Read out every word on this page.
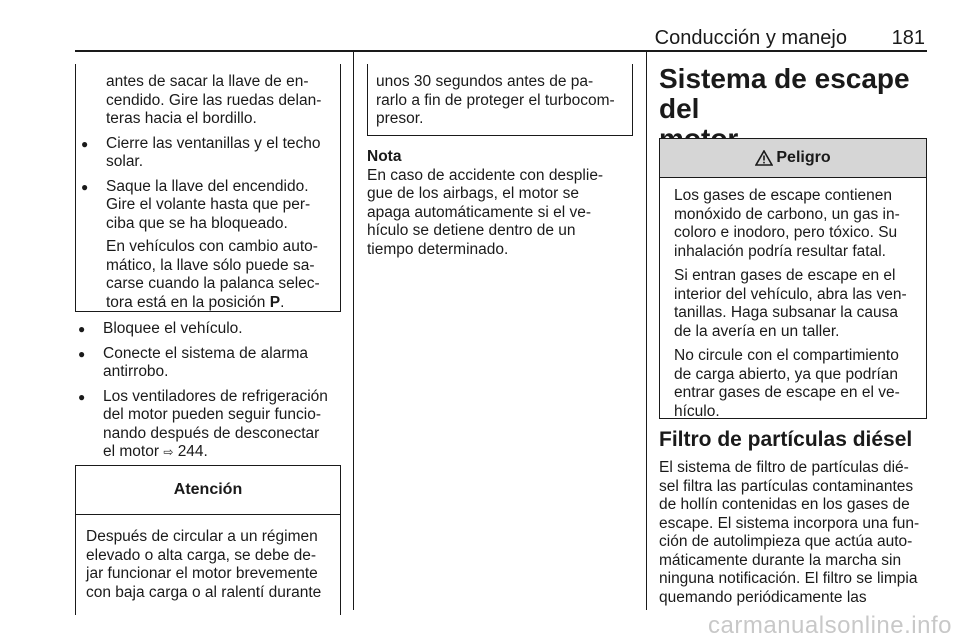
Conducción y manejo 181
antes de sacar la llave de en-
cendido. Gire las ruedas delan-
teras hacia el bordillo.
● Cierre las ventanillas y el techo
solar.
● Saque la llave del encendido.
Gire el volante hasta que per-
ciba que se ha bloqueado.
En vehículos con cambio auto-
mático, la llave sólo puede sa-
carse cuando la palanca selec-
tora está en la posición P.
● Bloquee el vehículo.
● Conecte el sistema de alarma
antirrobo.
● Los ventiladores de refrigeración
del motor pueden seguir funcio-
nando después de desconectar
el motor ⇨ 244.
Atención
Después de circular a un régimen
elevado o alta carga, se debe de-
jar funcionar el motor brevemente
con baja carga o al ralentí durante
unos 30 segundos antes de pa-
rarlo a fin de proteger el turbocom-
presor.
Nota
En caso de accidente con desplie-
gue de los airbags, el motor se
apaga automáticamente si el ve-
hículo se detiene dentro de un
tiempo determinado.
Sistema de escape del
Peligro
Los gases de escape contienen
monóxido de carbono, un gas in-
coloro e inodoro, pero tóxico. Su
inhalación podría resultar fatal.
Si entran gases de escape en el
interior del vehículo, abra las ven-
tanillas. Haga subsanar la causa
de la avería en un taller.
No circule con el compartimiento
de carga abierto, ya que podrían
entrar gases de escape en el ve-
hículo.
Filtro de partículas diésel
El sistema de filtro de partículas dié-
sel filtra las partículas contaminantes
de hollín contenidas en los gases de
escape. El sistema incorpora una fun-
ción de autolimpieza que actúa auto-
máticamente durante la marcha sin
ninguna notificación. El filtro se limpia
quemando periódicamente las
carmanualsonline.info
